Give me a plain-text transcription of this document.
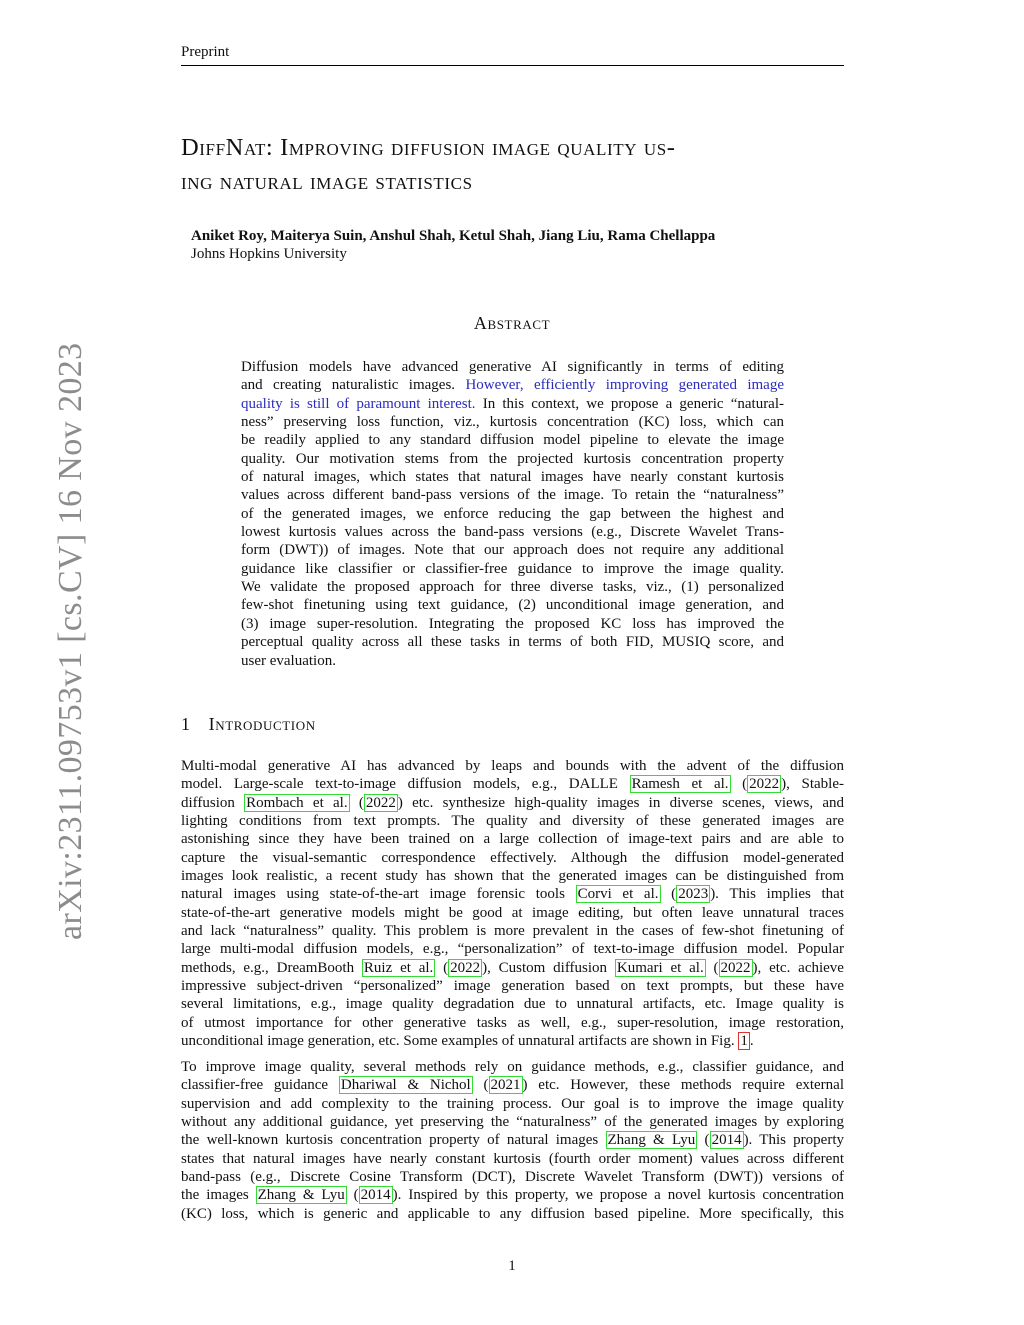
Preprint
DiffNat: Improving diffusion image quality us-
ing natural image statistics
Aniket Roy, Maiterya Suin, Anshul Shah, Ketul Shah, Jiang Liu, Rama Chellappa
Johns Hopkins University
Abstract
Diffusion models have advanced generative AI significantly in terms of editing
and creating naturalistic images. However, efficiently improving generated image
quality is still of paramount interest. In this context, we propose a generic “natural-
ness” preserving loss function, viz., kurtosis concentration (KC) loss, which can
be readily applied to any standard diffusion model pipeline to elevate the image
quality. Our motivation stems from the projected kurtosis concentration property
of natural images, which states that natural images have nearly constant kurtosis
values across different band-pass versions of the image. To retain the “naturalness”
of the generated images, we enforce reducing the gap between the highest and
lowest kurtosis values across the band-pass versions (e.g., Discrete Wavelet Trans-
form (DWT)) of images. Note that our approach does not require any additional
guidance like classifier or classifier-free guidance to improve the image quality.
We validate the proposed approach for three diverse tasks, viz., (1) personalized
few-shot finetuning using text guidance, (2) unconditional image generation, and
(3) image super-resolution. Integrating the proposed KC loss has improved the
perceptual quality across all these tasks in terms of both FID, MUSIQ score, and
user evaluation.
1 Introduction
Multi-modal generative AI has advanced by leaps and bounds with the advent of the diffusion
model. Large-scale text-to-image diffusion models, e.g., DALLE Ramesh et al. ( 2022 ), Stable-
diffusion Rombach et al. ( 2022 ) etc. synthesize high-quality images in diverse scenes, views, and
lighting conditions from text prompts. The quality and diversity of these generated images are
astonishing since they have been trained on a large collection of image-text pairs and are able to
capture the visual-semantic correspondence effectively. Although the diffusion model-generated
images look realistic, a recent study has shown that the generated images can be distinguished from
natural images using state-of-the-art image forensic tools Corvi et al. ( 2023 ). This implies that
state-of-the-art generative models might be good at image editing, but often leave unnatural traces
and lack “naturalness” quality. This problem is more prevalent in the cases of few-shot finetuning of
large multi-modal diffusion models, e.g., “personalization” of text-to-image diffusion model. Popular
methods, e.g., DreamBooth Ruiz et al. ( 2022 ), Custom diffusion Kumari et al. ( 2022 ), etc. achieve
impressive subject-driven “personalized” image generation based on text prompts, but these have
several limitations, e.g., image quality degradation due to unnatural artifacts, etc. Image quality is
of utmost importance for other generative tasks as well, e.g., super-resolution, image restoration,
unconditional image generation, etc. Some examples of unnatural artifacts are shown in Fig. 1 .
To improve image quality, several methods rely on guidance methods, e.g., classifier guidance, and
classifier-free guidance Dhariwal & Nichol ( 2021 ) etc. However, these methods require external
supervision and add complexity to the training process. Our goal is to improve the image quality
without any additional guidance, yet preserving the “naturalness” of the generated images by exploring
the well-known kurtosis concentration property of natural images Zhang & Lyu ( 2014 ). This property
states that natural images have nearly constant kurtosis (fourth order moment) values across different
band-pass (e.g., Discrete Cosine Transform (DCT), Discrete Wavelet Transform (DWT)) versions of
the images Zhang & Lyu ( 2014 ). Inspired by this property, we propose a novel kurtosis concentration
(KC) loss, which is generic and applicable to any diffusion based pipeline. More specifically, this
arXiv:2311.09753v1 [cs.CV] 16 Nov 2023
1
